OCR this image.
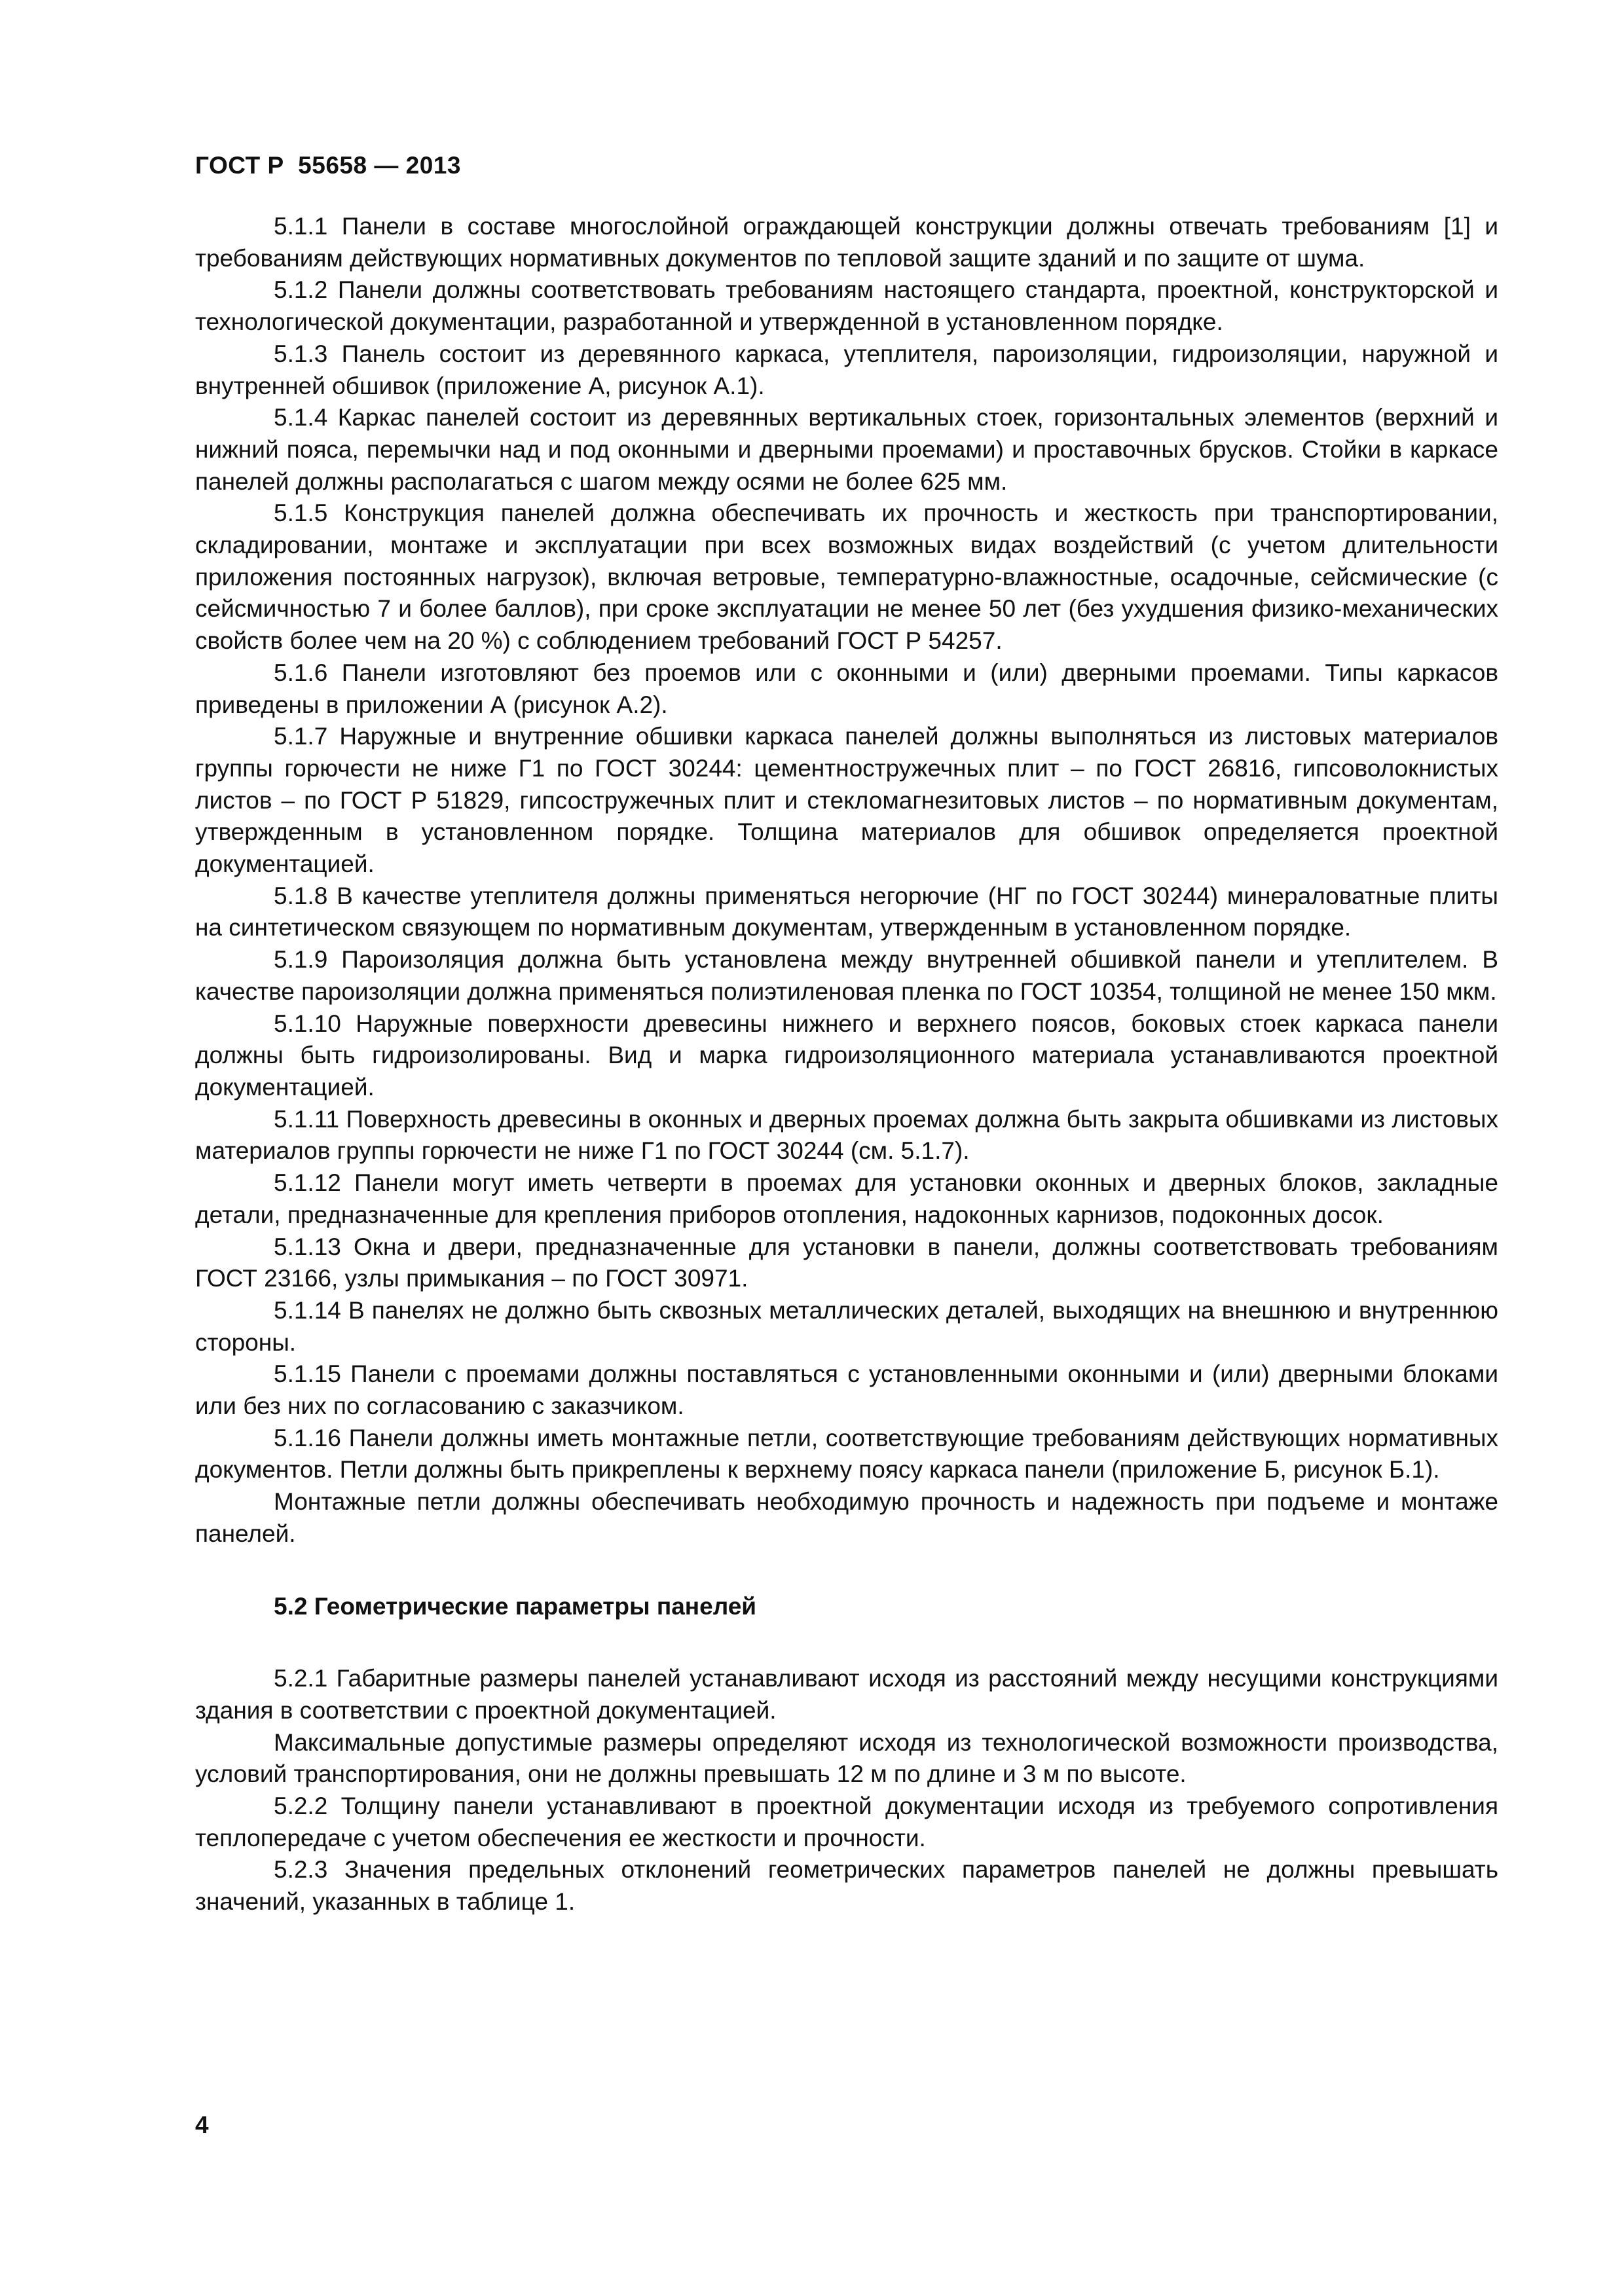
ГОСТ Р  55658 — 2013

5.1.1 Панели в составе многослойной ограждающей конструкции должны отвечать требованиям [1] и требованиям действующих нормативных документов по тепловой защите зданий и по защите от шума.

5.1.2 Панели должны соответствовать требованиям настоящего стандарта, проектной, конструкторской и технологической документации, разработанной и утвержденной в установленном порядке.

5.1.3 Панель состоит из деревянного каркаса, утеплителя, пароизоляции, гидроизоляции, наружной и внутренней обшивок (приложение А, рисунок А.1).

5.1.4 Каркас панелей состоит из деревянных вертикальных стоек, горизонтальных элементов (верхний и нижний пояса, перемычки над и под оконными и дверными проемами) и проставочных брусков. Стойки в каркасе панелей должны располагаться с шагом между осями не более 625 мм.

5.1.5 Конструкция панелей должна обеспечивать их прочность и жесткость при транспортировании, складировании, монтаже и эксплуатации при всех возможных видах воздействий (с учетом длительности приложения постоянных нагрузок), включая ветровые, температурно-влажностные, осадочные, сейсмические (с сейсмичностью 7 и более баллов), при сроке эксплуатации не менее 50 лет (без ухудшения физико-механических свойств более чем на 20 %) с соблюдением требований ГОСТ Р 54257.

5.1.6 Панели изготовляют без проемов или с оконными и (или) дверными проемами. Типы каркасов приведены в приложении А (рисунок А.2).

5.1.7 Наружные и внутренние обшивки каркаса панелей должны выполняться из листовых материалов группы горючести не ниже Г1 по ГОСТ 30244: цементностружечных плит – по ГОСТ 26816, гипсоволокнистых листов – по ГОСТ Р 51829, гипсостружечных плит и стекломагнезитовых листов – по нормативным документам, утвержденным в установленном порядке. Толщина материалов для обшивок определяется проектной документацией.

5.1.8 В качестве утеплителя должны применяться негорючие (НГ по ГОСТ 30244) минераловатные плиты на синтетическом связующем по нормативным документам, утвержденным в установленном порядке.

5.1.9 Пароизоляция должна быть установлена между внутренней обшивкой панели и утеплителем. В качестве пароизоляции должна применяться полиэтиленовая пленка по ГОСТ 10354, толщиной не менее 150 мкм.

5.1.10 Наружные поверхности древесины нижнего и верхнего поясов, боковых стоек каркаса панели должны быть гидроизолированы. Вид и марка гидроизоляционного материала устанавливаются проектной документацией.

5.1.11 Поверхность древесины в оконных и дверных проемах должна быть закрыта обшивками из листовых материалов группы горючести не ниже Г1 по ГОСТ 30244 (см. 5.1.7).

5.1.12 Панели могут иметь четверти в проемах для установки оконных и дверных блоков, закладные детали, предназначенные для крепления приборов отопления, надоконных карнизов, подоконных досок.

5.1.13 Окна и двери, предназначенные для установки в панели, должны соответствовать требованиям ГОСТ 23166, узлы примыкания – по ГОСТ 30971.

5.1.14 В панелях не должно быть сквозных металлических деталей, выходящих на внешнюю и внутреннюю стороны.

5.1.15 Панели с проемами должны поставляться с установленными оконными и (или) дверными блоками или без них по согласованию с заказчиком.

5.1.16 Панели должны иметь монтажные петли, соответствующие требованиям действующих нормативных документов. Петли должны быть прикреплены к верхнему поясу каркаса панели (приложение Б, рисунок Б.1).

Монтажные петли должны обеспечивать необходимую прочность и надежность при подъеме и монтаже панелей.

5.2 Геометрические параметры панелей

5.2.1 Габаритные размеры панелей устанавливают исходя из расстояний между несущими конструкциями здания в соответствии с проектной документацией.

Максимальные допустимые размеры определяют исходя из технологической возможности производства, условий транспортирования, они не должны превышать 12 м по длине и 3 м по высоте.

5.2.2 Толщину панели устанавливают в проектной документации исходя из требуемого сопротивления теплопередаче с учетом обеспечения ее жесткости и прочности.

5.2.3 Значения предельных отклонений геометрических параметров панелей не должны превышать значений, указанных в таблице 1.

4
